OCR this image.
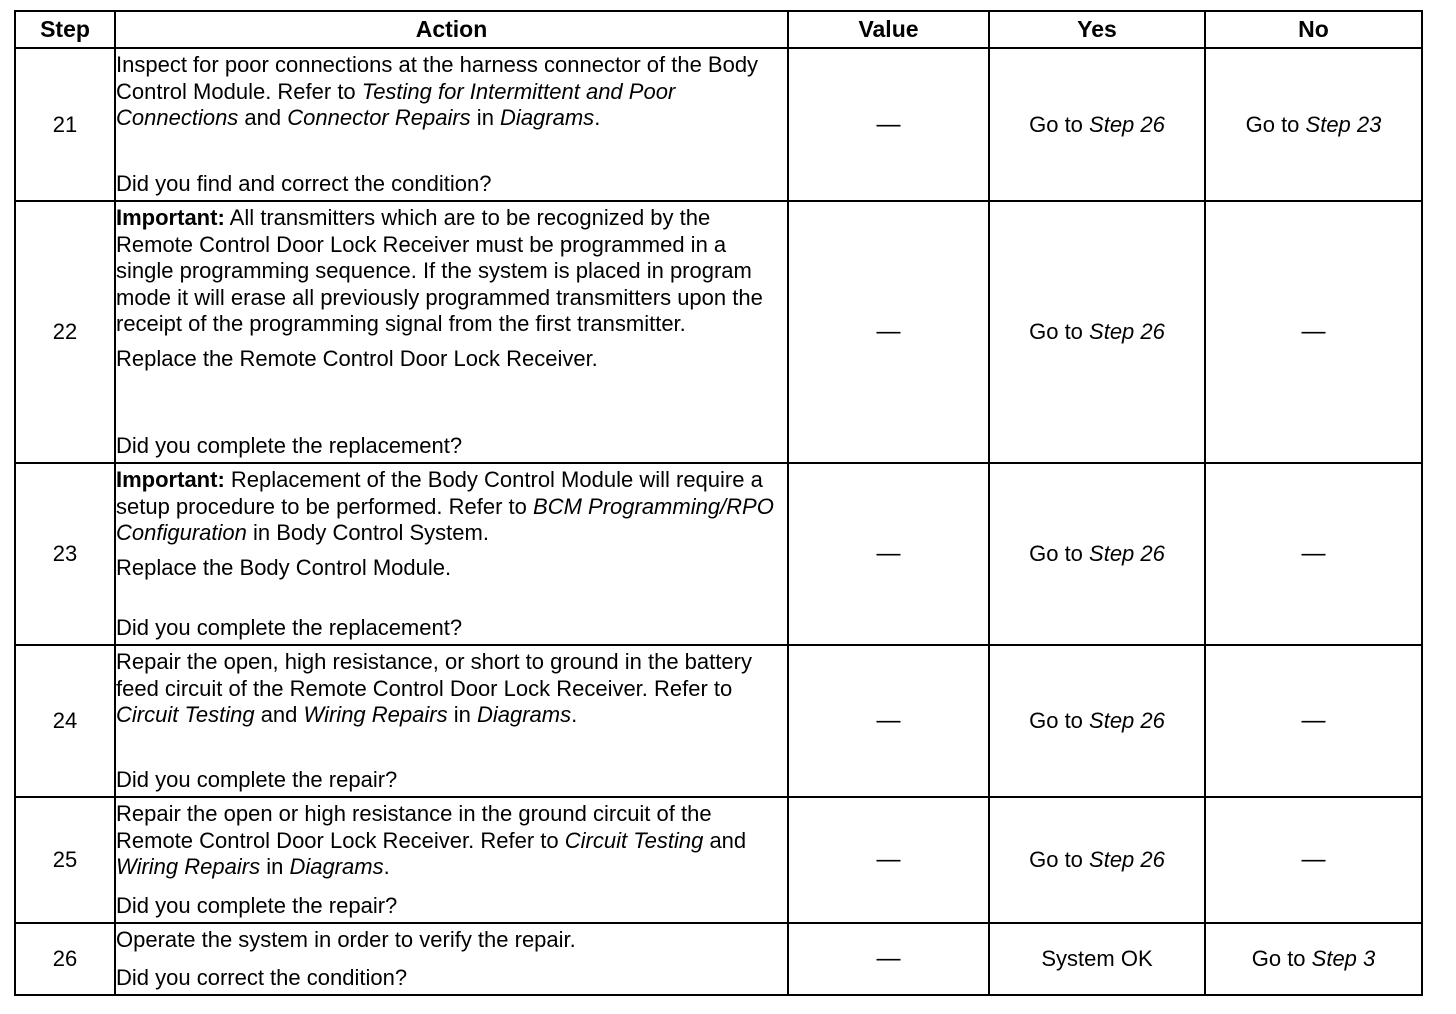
Step	Action	Value	Yes	No
21	Inspect for poor connections at the harness connector of the Body Control Module. Refer to Testing for Intermittent and Poor Connections and Connector Repairs in Diagrams.
Did you find and correct the condition?	—	Go to Step 26	Go to Step 23
22	Important: All transmitters which are to be recognized by the Remote Control Door Lock Receiver must be programmed in a single programming sequence. If the system is placed in program mode it will erase all previously programmed transmitters upon the receipt of the programming signal from the first transmitter.
Replace the Remote Control Door Lock Receiver.
Did you complete the replacement?	—	Go to Step 26	—
23	Important: Replacement of the Body Control Module will require a setup procedure to be performed. Refer to BCM Programming/RPO Configuration in Body Control System.
Replace the Body Control Module.
Did you complete the replacement?	—	Go to Step 26	—
24	Repair the open, high resistance, or short to ground in the battery feed circuit of the Remote Control Door Lock Receiver. Refer to Circuit Testing and Wiring Repairs in Diagrams.
Did you complete the repair?	—	Go to Step 26	—
25	Repair the open or high resistance in the ground circuit of the Remote Control Door Lock Receiver. Refer to Circuit Testing and Wiring Repairs in Diagrams.
Did you complete the repair?	—	Go to Step 26	—
26	Operate the system in order to verify the repair.
Did you correct the condition?	—	System OK	Go to Step 3
